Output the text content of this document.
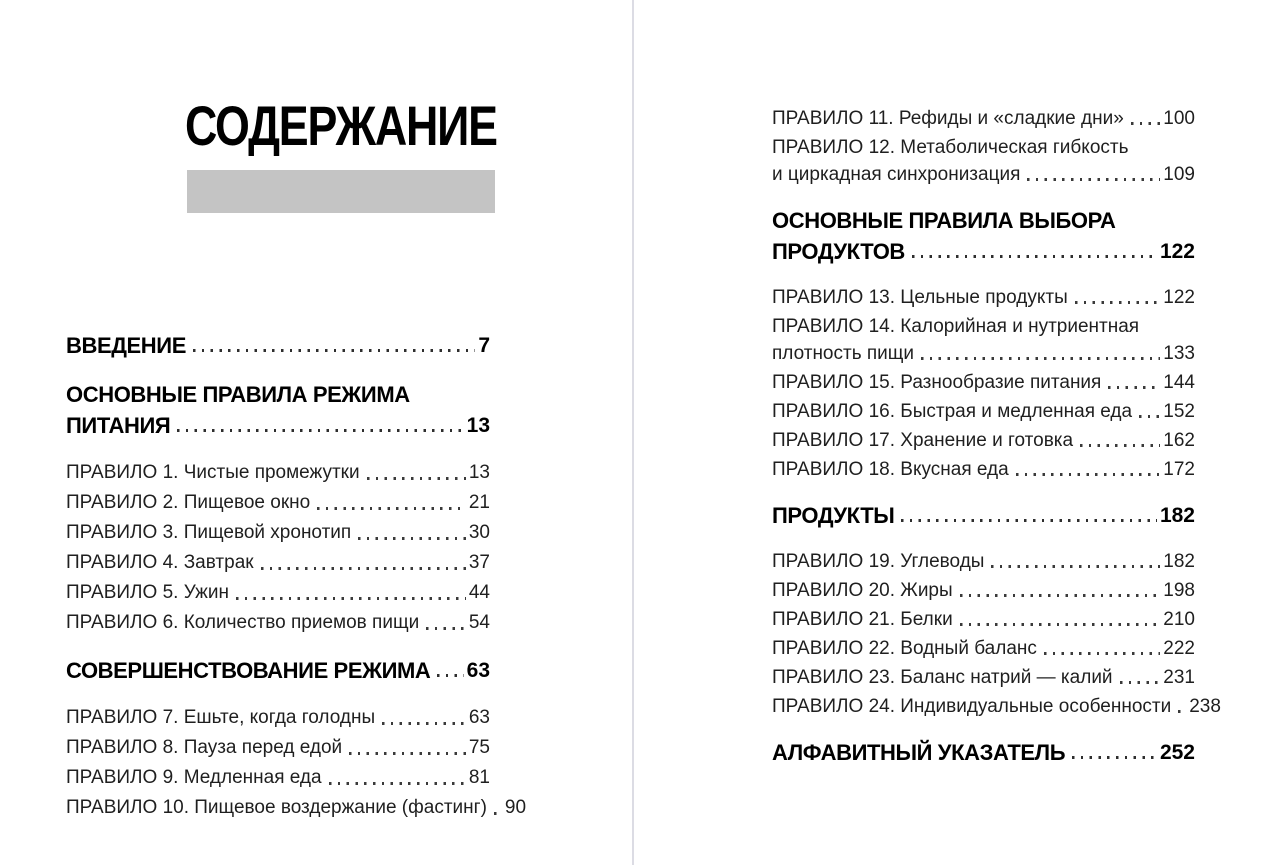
СОДЕРЖАНИЕ
ВВЕДЕНИЕ	7
ОСНОВНЫЕ ПРАВИЛА РЕЖИМА
ПИТАНИЯ	13
ПРАВИЛО 1. Чистые промежутки	13
ПРАВИЛО 2. Пищевое окно	21
ПРАВИЛО 3. Пищевой хронотип	30
ПРАВИЛО 4. Завтрак	37
ПРАВИЛО 5. Ужин	44
ПРАВИЛО 6. Количество приемов пищи	54
СОВЕРШЕНСТВОВАНИЕ РЕЖИМА 63
ПРАВИЛО 7. Ешьте, когда голодны	63
ПРАВИЛО 8. Пауза перед едой	75
ПРАВИЛО 9. Медленная еда	81
ПРАВИЛО 10. Пищевое воздержание (фастинг) 90
ПРАВИЛО 11. Рефиды и «сладкие дни» 100
ПРАВИЛО 12. Метаболическая гибкость
и циркадная синхронизация	109
ОСНОВНЫЕ ПРАВИЛА ВЫБОРА
ПРОДУКТОВ	122
ПРАВИЛО 13. Цельные продукты	122
ПРАВИЛО 14. Калорийная и нутриентная
плотность пищи	133
ПРАВИЛО 15. Разнообразие питания	144
ПРАВИЛО 16. Быстрая и медленная еда 152
ПРАВИЛО 17. Хранение и готовка	162
ПРАВИЛО 18. Вкусная еда	172
ПРОДУКТЫ	182
ПРАВИЛО 19. Углеводы	182
ПРАВИЛО 20. Жиры	198
ПРАВИЛО 21. Белки	210
ПРАВИЛО 22. Водный баланс	222
ПРАВИЛО 23. Баланс натрий — калий	231
ПРАВИЛО 24. Индивидуальные особенности 238
АЛФАВИТНЫЙ УКАЗАТЕЛЬ	252
